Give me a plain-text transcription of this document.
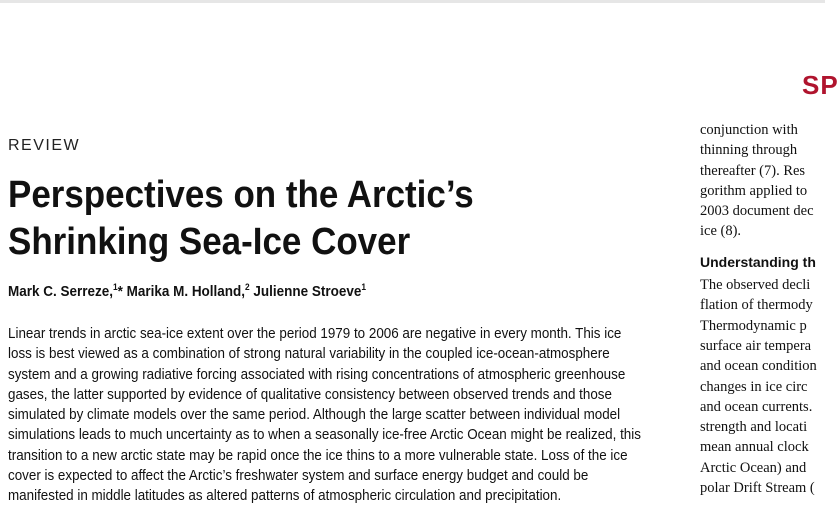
SP
REVIEW
Perspectives on the Arctic’s
Shrinking Sea-Ice Cover
Mark C. Serreze,$^1$* Marika M. Holland,$^2$ Julienne Stroeve$^1$
Linear trends in arctic sea-ice extent over the period 1979 to 2006 are negative in every month. This ice
loss is best viewed as a combination of strong natural variability in the coupled ice-ocean-atmosphere
system and a growing radiative forcing associated with rising concentrations of atmospheric greenhouse
gases, the latter supported by evidence of qualitative consistency between observed trends and those
simulated by climate models over the same period. Although the large scatter between individual model
simulations leads to much uncertainty as to when a seasonally ice-free Arctic Ocean might be realized, this
transition to a new arctic state may be rapid once the ice thins to a more vulnerable state. Loss of the ice
cover is expected to affect the Arctic’s freshwater system and surface energy budget and could be
manifested in middle latitudes as altered patterns of atmospheric circulation and precipitation.
conjunction with
thinning through
thereafter (7). Res
gorithm applied to
2003 document dec
ice (8).
Understanding th
The observed decli
flation of thermody
Thermodynamic p
surface air tempera
and ocean condition
changes in ice circ
and ocean currents.
strength and locati
mean annual clock
Arctic Ocean) and
polar Drift Stream (
